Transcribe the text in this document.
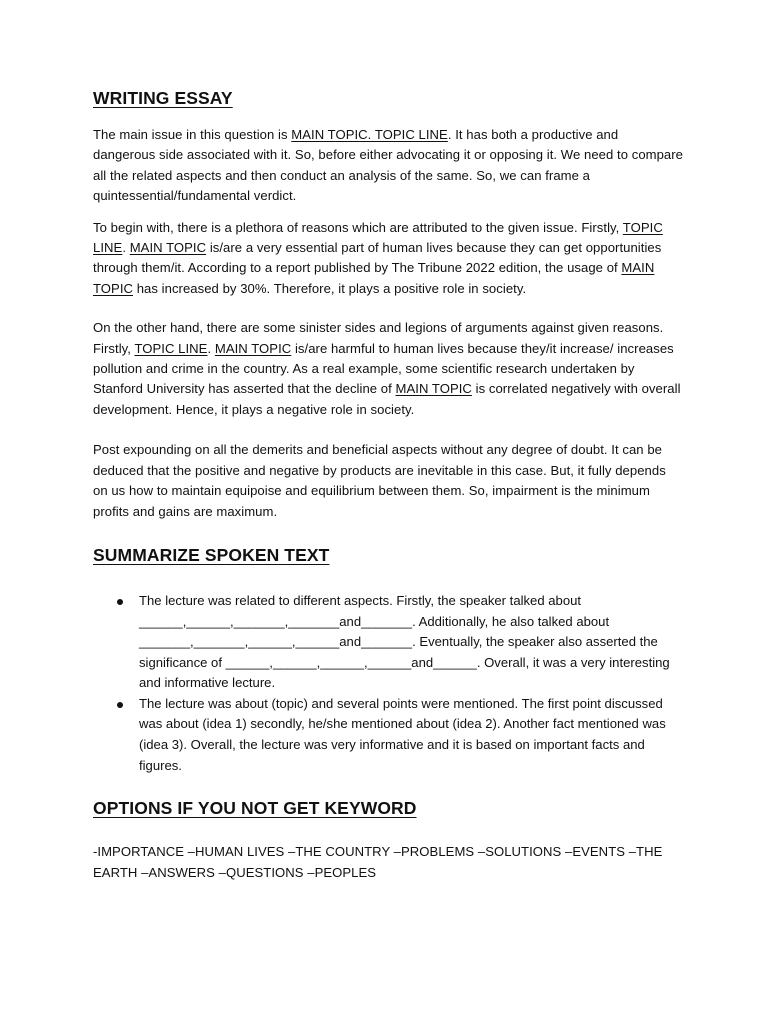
WRITING ESSAY

The main issue in this question is MAIN TOPIC. TOPIC LINE. It has both a productive and dangerous side associated with it. So, before either advocating it or opposing it. We need to compare all the related aspects and then conduct an analysis of the same. So, we can frame a quintessential/fundamental verdict.

To begin with, there is a plethora of reasons which are attributed to the given issue. Firstly, TOPIC LINE. MAIN TOPIC is/are a very essential part of human lives because they can get opportunities through them/it. According to a report published by The Tribune 2022 edition, the usage of MAIN TOPIC has increased by 30%. Therefore, it plays a positive role in society.

On the other hand, there are some sinister sides and legions of arguments against given reasons. Firstly, TOPIC LINE. MAIN TOPIC is/are harmful to human lives because they/it increase/ increases pollution and crime in the country. As a real example, some scientific research undertaken by Stanford University has asserted that the decline of MAIN TOPIC is correlated negatively with overall development. Hence, it plays a negative role in society.

Post expounding on all the demerits and beneficial aspects without any degree of doubt. It can be deduced that the positive and negative by products are inevitable in this case. But, it fully depends on us how to maintain equipoise and equilibrium between them. So, impairment is the minimum profits and gains are maximum.

SUMMARIZE SPOKEN TEXT
The lecture was related to different aspects. Firstly, the speaker talked about ______,______,_______,_______and_______. Additionally, he also talked about _______,_______,______,______and_______. Eventually, the speaker also asserted the significance of ______,______,______,______and______. Overall, it was a very interesting and informative lecture.
The lecture was about (topic) and several points were mentioned. The first point discussed was about (idea 1) secondly, he/she mentioned about (idea 2). Another fact mentioned was (idea 3). Overall, the lecture was very informative and it is based on important facts and figures.
OPTIONS IF YOU NOT GET KEYWORD

-IMPORTANCE –HUMAN LIVES –THE COUNTRY –PROBLEMS –SOLUTIONS –EVENTS –THE EARTH –ANSWERS –QUESTIONS –PEOPLES
